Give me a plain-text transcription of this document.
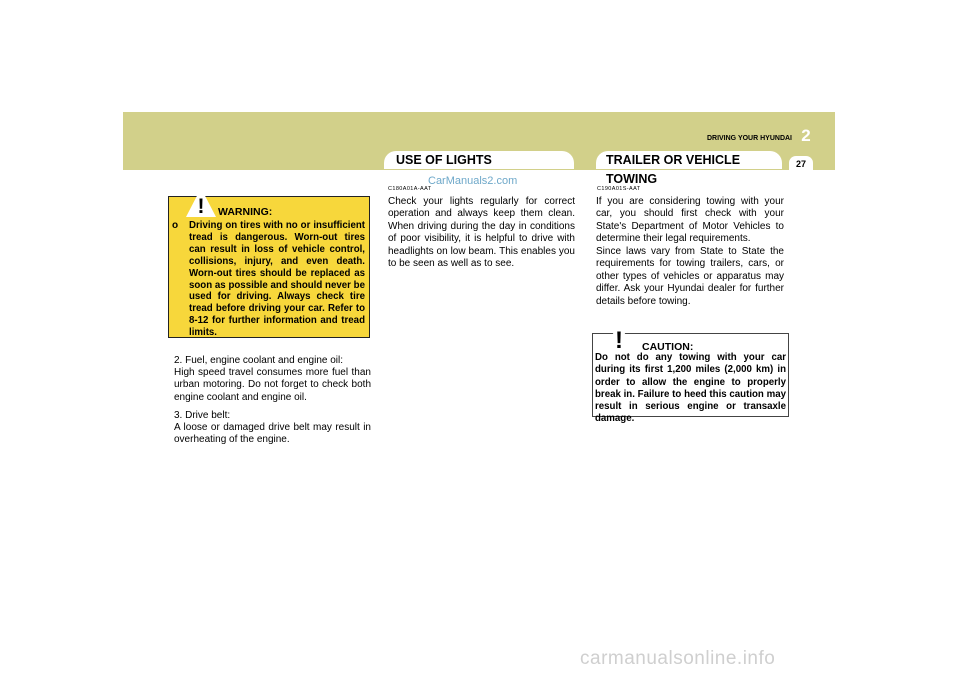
DRIVING YOUR HYUNDAI 2
27
USE OF LIGHTS	TRAILER OR VEHICLE TOWING
CarManuals2.com
! WARNING:
o Driving on tires with no or insufficient tread is dangerous. Worn-out tires can result in loss of vehicle control, collisions, injury, and even death. Worn-out tires should be replaced as soon as possible and should never be used for driving. Always check tire tread before driving your car. Refer to 8-12 for further information and tread limits.

2. Fuel, engine coolant and engine oil:

High speed travel consumes more fuel than urban motoring. Do not forget to check both engine coolant and engine oil.

3. Drive belt:

A loose or damaged drive belt may result in overheating of the engine.

C180A01A-AAT

Check your lights regularly for correct operation and always keep them clean. When driving during the day in conditions of poor visibility, it is helpful to drive with headlights on low beam. This enables you to be seen as well as to see.

C190A01S-AAT

If you are considering towing with your car, you should first check with your State's Department of Motor Vehicles to determine their legal requirements.

Since laws vary from State to State the requirements for towing trailers, cars, or other types of vehicles or apparatus may differ. Ask your Hyundai dealer for further details before towing.

! CAUTION:

Do not do any towing with your car during its first 1,200 miles (2,000 km) in order to allow the engine to properly break in. Failure to heed this caution may result in serious engine or transaxle damage.

carmanualsonline.info
